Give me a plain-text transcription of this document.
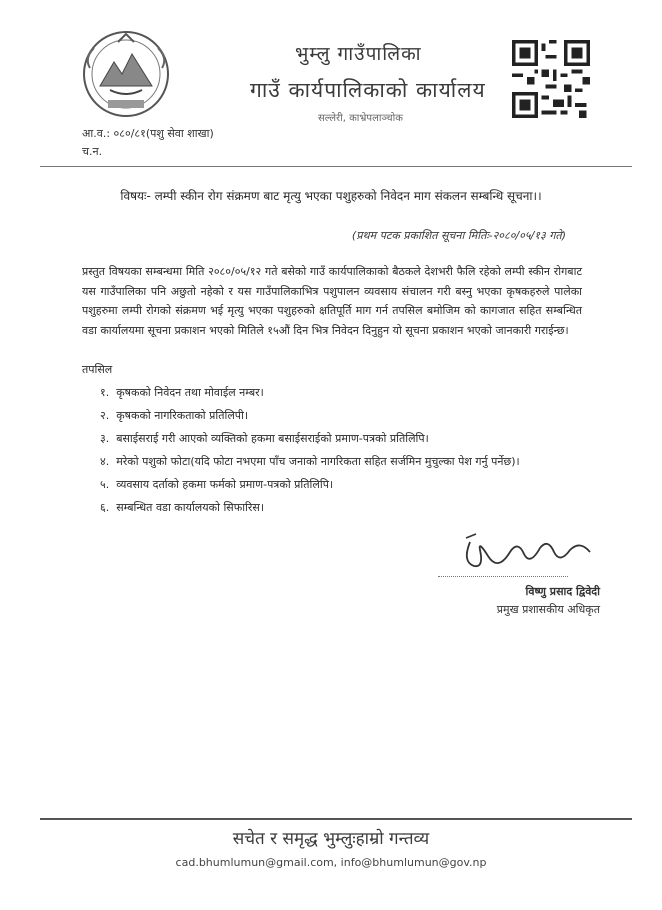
भुम्लु गाउँपालिका
गाउँ कार्यपालिकाको कार्यालय
सल्लेरी, काभ्रेपलाञ्चोक
आ.व.: ०८०/८१(पशु सेवा शाखा)
च.न.
विषयः- लम्पी स्कीन रोग संक्रमण बाट मृत्यु भएका पशुहरुको निवेदन माग संकलन सम्बन्धि सूचना।।
(प्रथम पटक प्रकाशित सूचना मितिः-२०८०/०५/१३ गते)
प्रस्तुत विषयका सम्बन्धमा मिति २०८०/०५/१२ गते बसेको गाउँ कार्यपालिकाको बैठकले देशभरी फैलि रहेको लम्पी स्कीन रोगबाट यस गाउँपालिका पनि अछुतो नहेको र यस गाउँपालिकाभित्र पशुपालन व्यवसाय संचालन गरी बस्नु भएका कृषकहरुले पालेका पशुहरुमा लम्पी रोगको संक्रमण भई मृत्यु भएका पशुहरुको क्षतिपूर्ति माग गर्न तपसिल बमोजिम को कागजात सहित सम्बन्धित वडा कार्यालयमा सूचना प्रकाशन भएको मितिले १५औं दिन भित्र निवेदन दिनुहुन यो सूचना प्रकाशन भएको जानकारी गराईन्छ।
तपसिल
१. कृषकको निवेदन तथा मोवाईल नम्बर।
२. कृषकको नागरिकताको प्रतिलिपी।
३. बसाईसराई गरी आएको व्यक्तिको हकमा बसाईसराईको प्रमाण-पत्रको प्रतिलिपि।
४. मरेको पशुको फोटा(यदि फोटा नभएमा पाँच जनाको नागरिकता सहित सर्जमिन मुचुल्का पेश गर्नु पर्नेछ)।
५. व्यवसाय दर्ताको हकमा फर्मको प्रमाण-पत्रको प्रतिलिपि।
६. सम्बन्धित वडा कार्यालयको सिफारिस।
विष्णु प्रसाद द्विवेदी
प्रमुख प्रशासकीय अधिकृत
सचेत र समृद्ध भुम्लुःहाम्रो गन्तव्य
cad.bhumlumun@gmail.com, info@bhumlumun@gov.np
